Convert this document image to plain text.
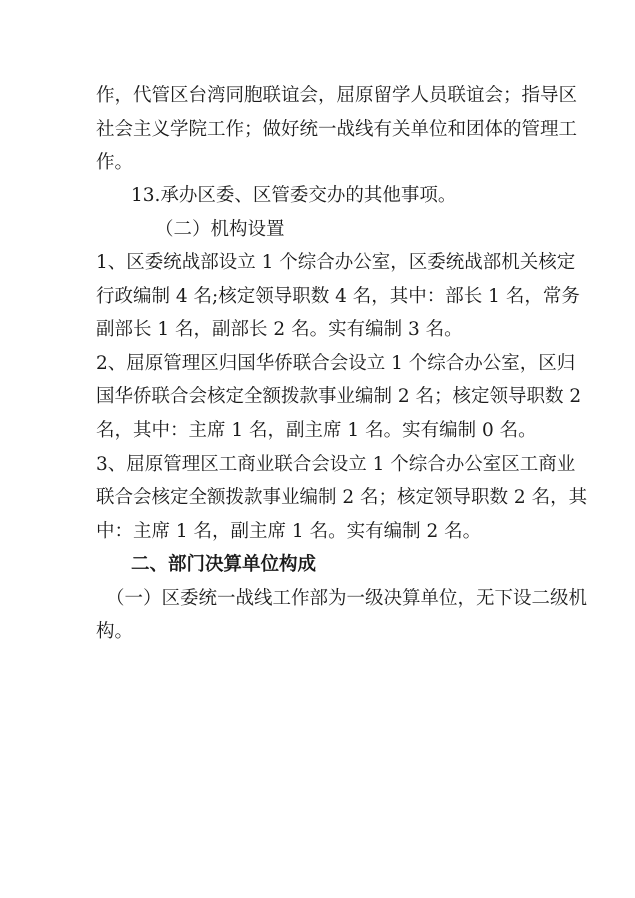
作，代管区台湾同胞联谊会，屈原留学人员联谊会；指导区
社会主义学院工作；做好统一战线有关单位和团体的管理工
作。
13.承办区委、区管委交办的其他事项。
（二）机构设置
1、区委统战部设立 1 个综合办公室，区委统战部机关核定
行政编制 4 名;核定领导职数 4 名，其中：部长 1 名，常务
副部长 1 名，副部长 2 名。实有编制 3 名。
2、屈原管理区归国华侨联合会设立 1 个综合办公室，区归
国华侨联合会核定全额拨款事业编制 2 名；核定领导职数 2
名，其中：主席 1 名，副主席 1 名。实有编制 0 名。
3、屈原管理区工商业联合会设立 1 个综合办公室区工商业
联合会核定全额拨款事业编制 2 名；核定领导职数 2 名，其
中：主席 1 名，副主席 1 名。实有编制 2 名。
二、部门决算单位构成
（一）区委统一战线工作部为一级决算单位，无下设二级机
构。
